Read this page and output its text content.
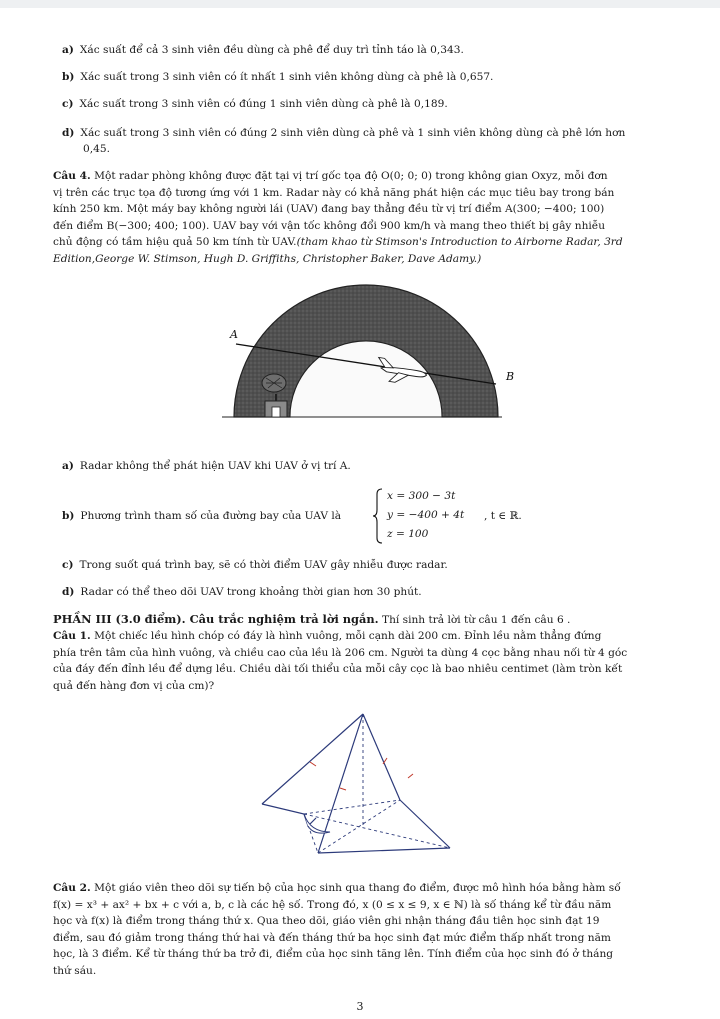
a) Xác suất để cả 3 sinh viên đều dùng cà phê để duy trì tỉnh táo là 0,343.
b) Xác suất trong 3 sinh viên có ít nhất 1 sinh viên không dùng cà phê là 0,657.
c) Xác suất trong 3 sinh viên có đúng 1 sinh viên dùng cà phê là 0,189.
d) Xác suất trong 3 sinh viên có đúng 2 sinh viên dùng cà phê và 1 sinh viên không dùng cà phê lớn hơn
0,45.
Câu 4. Một radar phòng không được đặt tại vị trí gốc tọa độ O(0; 0; 0) trong không gian Oxyz, mỗi đơn
vị trên các trục tọa độ tương ứng với 1 km. Radar này có khả năng phát hiện các mục tiêu bay trong bán
kính 250 km. Một máy bay không người lái (UAV) đang bay thẳng đều từ vị trí điểm A(300; −400; 100)
đến điểm B(−300; 400; 100). UAV bay với vận tốc không đổi 900 km/h và mang theo thiết bị gây nhiễu
chủ động có tầm hiệu quả 50 km tính từ UAV.(tham khao từ Stimson's Introduction to Airborne Radar, 3rd
Edition,George W. Stimson, Hugh D. Griffiths, Christopher Baker, Dave Adamy.)
A
B
a) Radar không thể phát hiện UAV khi UAV ở vị trí A.
b) Phương trình tham số của đường bay của UAV là
x = 300 − 3t
y = −400 + 4t
z = 100
, t ∈ ℝ.
c) Trong suốt quá trình bay, sẽ có thời điểm UAV gây nhiễu được radar.
d) Radar có thể theo dõi UAV trong khoảng thời gian hơn 30 phút.
PHẦN III (3.0 điểm). Câu trắc nghiệm trả lời ngắn. Thí sinh trả lời từ câu 1 đến câu 6 .
Câu 1. Một chiếc lều hình chóp có đáy là hình vuông, mỗi cạnh dài 200 cm. Đỉnh lều nằm thẳng đứng
phía trên tâm của hình vuông, và chiều cao của lều là 206 cm. Người ta dùng 4 cọc bằng nhau nối từ 4 góc
của đáy đến đỉnh lều để dựng lều. Chiều dài tối thiểu của mỗi cây cọc là bao nhiêu centimet (làm tròn kết
quả đến hàng đơn vị của cm)?
Câu 2. Một giáo viên theo dõi sự tiến bộ của học sinh qua thang đo điểm, được mô hình hóa bằng hàm số
f(x) = x³ + ax² + bx + c với a, b, c là các hệ số. Trong đó, x (0 ≤ x ≤ 9, x ∈ ℕ) là số tháng kể từ đầu năm
học và f(x) là điểm trong tháng thứ x. Qua theo dõi, giáo viên ghi nhận tháng đầu tiên học sinh đạt 19
điểm, sau đó giảm trong tháng thứ hai và đến tháng thứ ba học sinh đạt mức điểm thấp nhất trong năm
học, là 3 điểm. Kể từ tháng thứ ba trở đi, điểm của học sinh tăng lên. Tính điểm của học sinh đó ở tháng
thứ sáu.
3
